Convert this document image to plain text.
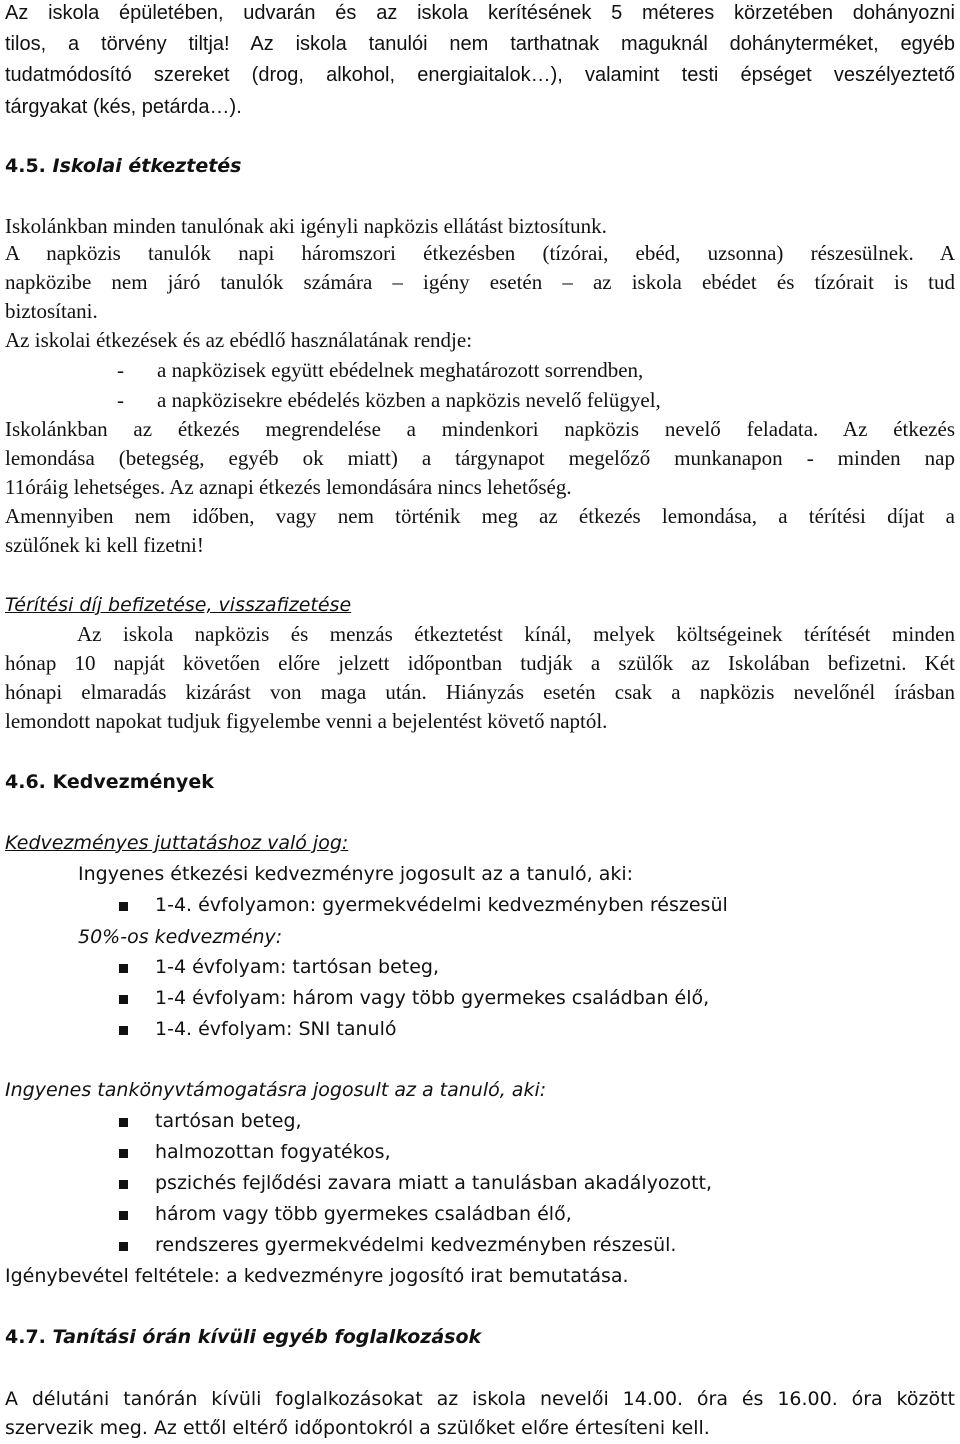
Az iskola épületében, udvarán és az iskola kerítésének 5 méteres körzetében dohányozni
tilos, a törvény tiltja! Az iskola tanulói nem tarthatnak maguknál dohányterméket, egyéb
tudatmódosító szereket (drog, alkohol, energiaitalok…), valamint testi épséget veszélyeztető
tárgyakat (kés, petárda…).
4.5. Iskolai étkeztetés
Iskolánkban minden tanulónak aki igényli napközis ellátást biztosítunk.
A napközis tanulók napi háromszori étkezésben (tízórai, ebéd, uzsonna) részesülnek. A
napközibe nem járó tanulók számára – igény esetén – az iskola ebédet és tízórait is tud
biztosítani.
Az iskolai étkezések és az ebédlő használatának rendje:
- a napközisek együtt ebédelnek meghatározott sorrendben,
- a napközisekre ebédelés közben a napközis nevelő felügyel,
Iskolánkban az étkezés megrendelése a mindenkori napközis nevelő feladata. Az étkezés
lemondása (betegség, egyéb ok miatt) a tárgynapot megelőző munkanapon - minden nap
11óráig lehetséges. Az aznapi étkezés lemondására nincs lehetőség.
Amennyiben nem időben, vagy nem történik meg az étkezés lemondása, a térítési díjat a
szülőnek ki kell fizetni!
Térítési díj befizetése, visszafizetése
Az iskola napközis és menzás étkeztetést kínál, melyek költségeinek térítését minden
hónap 10 napját követően előre jelzett időpontban tudják a szülők az Iskolában befizetni. Két
hónapi elmaradás kizárást von maga után. Hiányzás esetén csak a napközis nevelőnél írásban
lemondott napokat tudjuk figyelembe venni a bejelentést követő naptól.
4.6. Kedvezmények
Kedvezményes juttatáshoz való jog:
Ingyenes étkezési kedvezményre jogosult az a tanuló, aki:
1-4. évfolyamon: gyermekvédelmi kedvezményben részesül
50%-os kedvezmény:
1-4 évfolyam: tartósan beteg,
1-4 évfolyam: három vagy több gyermekes családban élő,
1-4. évfolyam: SNI tanuló
Ingyenes tankönyvtámogatásra jogosult az a tanuló, aki:
tartósan beteg,
halmozottan fogyatékos,
pszichés fejlődési zavara miatt a tanulásban akadályozott,
három vagy több gyermekes családban élő,
rendszeres gyermekvédelmi kedvezményben részesül.
Igénybevétel feltétele: a kedvezményre jogosító irat bemutatása.
4.7. Tanítási órán kívüli egyéb foglalkozások
A délutáni tanórán kívüli foglalkozásokat az iskola nevelői 14.00. óra és 16.00. óra között
szervezik meg. Az ettől eltérő időpontokról a szülőket előre értesíteni kell.
